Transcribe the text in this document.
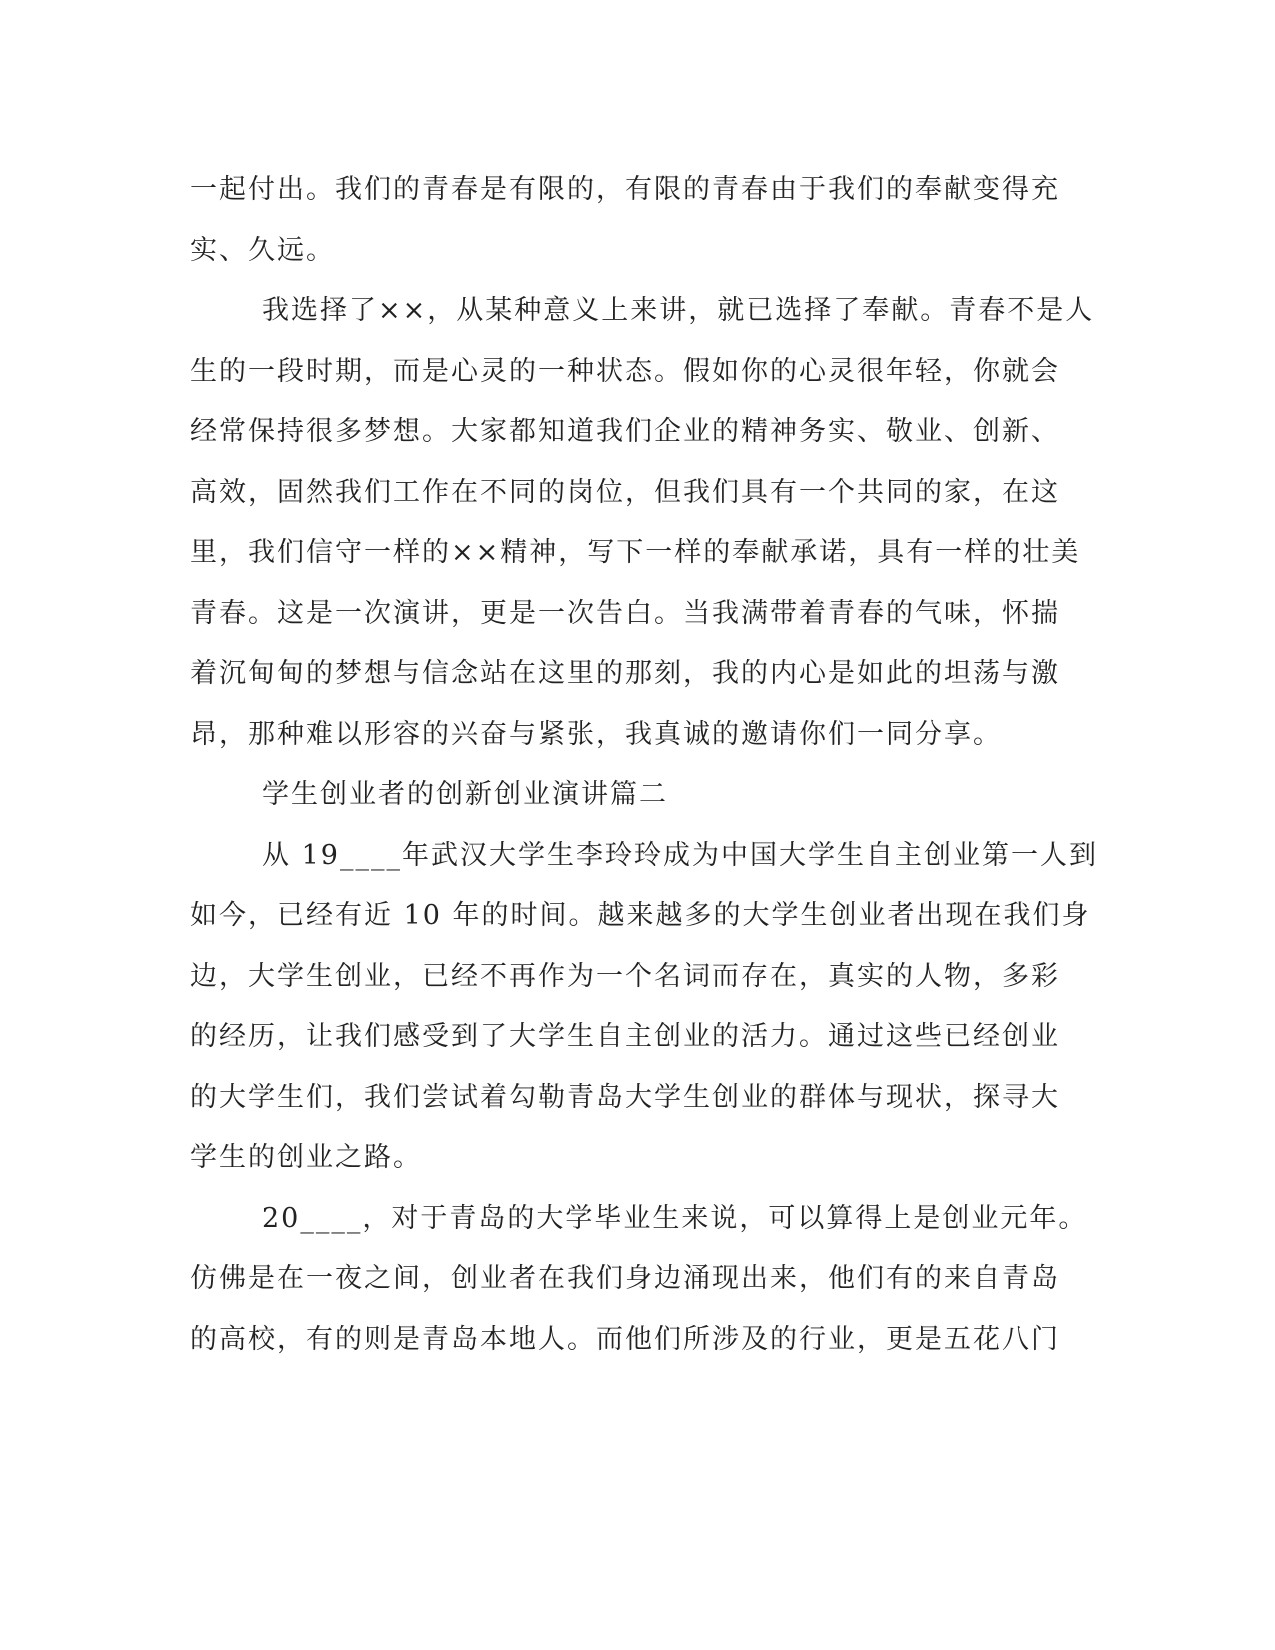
一起付出。我们的青春是有限的，有限的青春由于我们的奉献变得充
实、久远。
我选择了××，从某种意义上来讲，就已选择了奉献。青春不是人
生的一段时期，而是心灵的一种状态。假如你的心灵很年轻，你就会
经常保持很多梦想。大家都知道我们企业的精神务实、敬业、创新、
高效，固然我们工作在不同的岗位，但我们具有一个共同的家，在这
里，我们信守一样的××精神，写下一样的奉献承诺，具有一样的壮美
青春。这是一次演讲，更是一次告白。当我满带着青春的气味，怀揣
着沉甸甸的梦想与信念站在这里的那刻，我的内心是如此的坦荡与激
昂，那种难以形容的兴奋与紧张，我真诚的邀请你们一同分享。
学生创业者的创新创业演讲篇二
从 19____年武汉大学生李玲玲成为中国大学生自主创业第一人到
如今，已经有近 10 年的时间。越来越多的大学生创业者出现在我们身
边，大学生创业，已经不再作为一个名词而存在，真实的人物，多彩
的经历，让我们感受到了大学生自主创业的活力。通过这些已经创业
的大学生们，我们尝试着勾勒青岛大学生创业的群体与现状，探寻大
学生的创业之路。
20____，对于青岛的大学毕业生来说，可以算得上是创业元年。
仿佛是在一夜之间，创业者在我们身边涌现出来，他们有的来自青岛
的高校，有的则是青岛本地人。而他们所涉及的行业，更是五花八门
